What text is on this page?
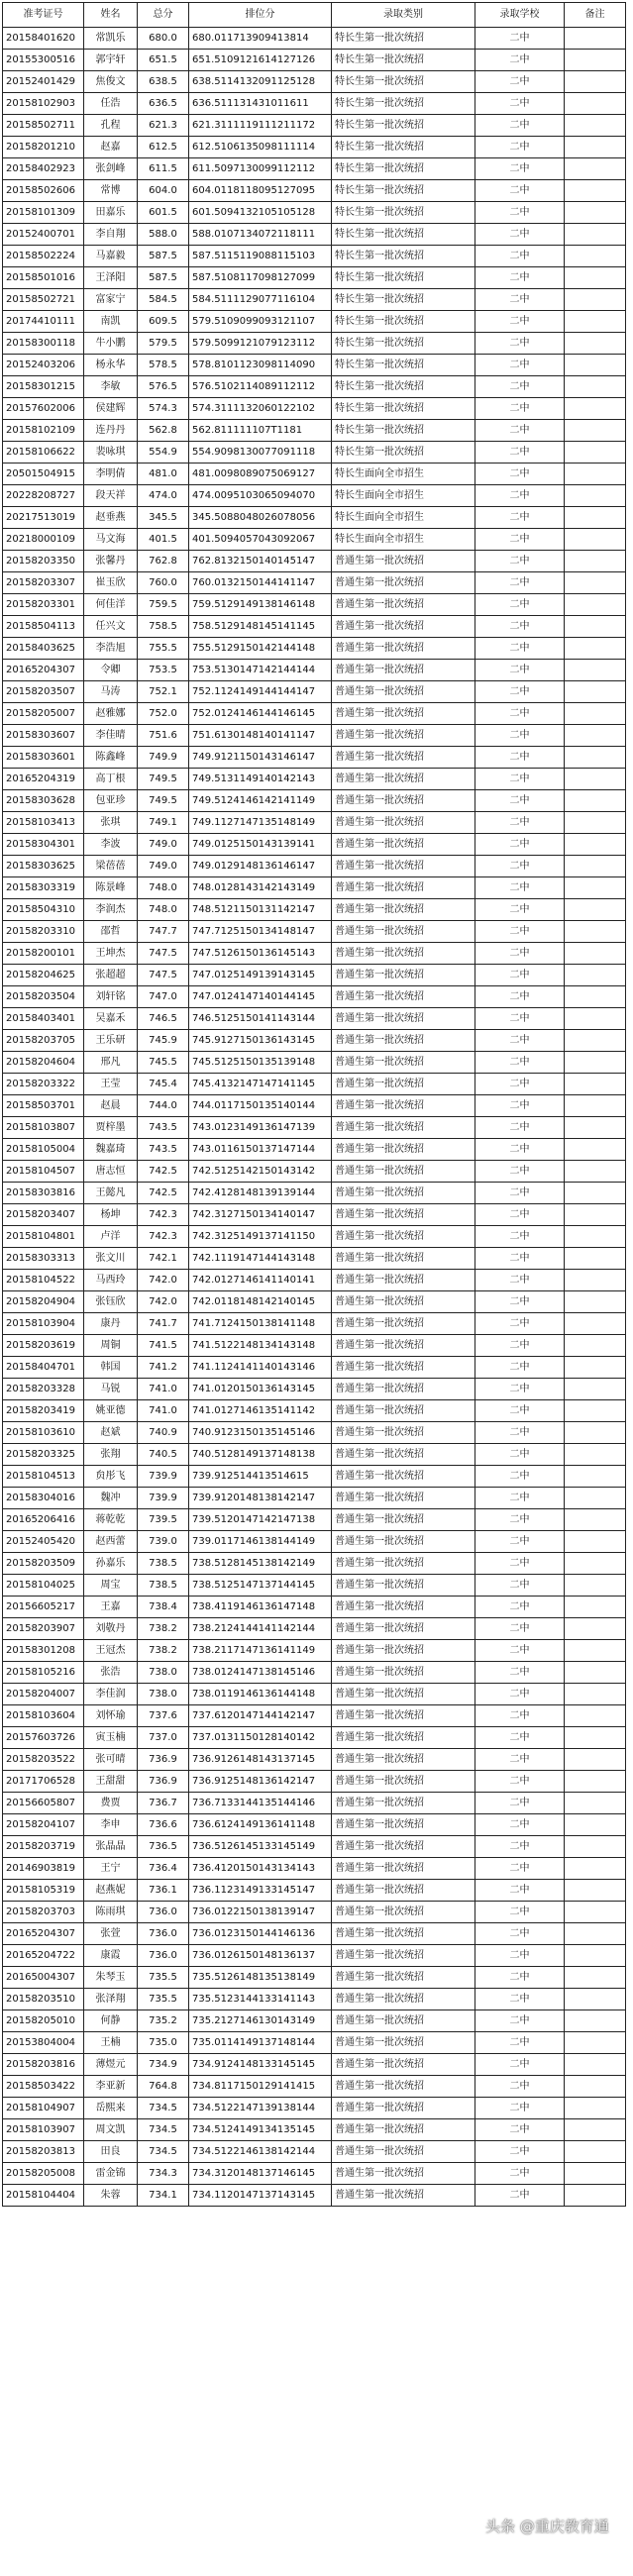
准考证号	姓名	总分	排位分	录取类别	录取学校	备注
20158401620	常凯乐	680.0	680.011713909413814	特长生第一批次统招	二中	
20155300516	郭宇轩	651.5	651.5109121614127126	特长生第一批次统招	二中	
20152401429	焦俊文	638.5	638.5114132091125128	特长生第一批次统招	二中	
20158102903	任浩	636.5	636.511131431011611	特长生第一批次统招	二中	
20158502711	孔程	621.3	621.3111119111211172	特长生第一批次统招	二中	
20158201210	赵嘉	612.5	612.5106135098111114	特长生第一批次统招	二中	
20158402923	张剑峰	611.5	611.5097130099112112	特长生第一批次统招	二中	
20158502606	常博	604.0	604.0118118095127095	特长生第一批次统招	二中	
20158101309	田嘉乐	601.5	601.5094132105105128	特长生第一批次统招	二中	
20152400701	李自翔	588.0	588.0107134072118111	特长生第一批次统招	二中	
20158502224	马嘉毅	587.5	587.5115119088115103	特长生第一批次统招	二中	
20158501016	王泽阳	587.5	587.5108117098127099	特长生第一批次统招	二中	
20158502721	富家宁	584.5	584.5111129077116104	特长生第一批次统招	二中	
20174410111	南凯	609.5	579.5109099093121107	特长生第一批次统招	二中	
20158300118	牛小鹏	579.5	579.5099121079123112	特长生第一批次统招	二中	
20152403206	杨永华	578.5	578.8101123098114090	特长生第一批次统招	二中	
20158301215	李敏	576.5	576.5102114089112112	特长生第一批次统招	二中	
20157602006	侯建辉	574.3	574.3111132060122102	特长生第一批次统招	二中	
20158102109	连丹丹	562.8	562.811111107T1181	特长生第一批次统招	二中	
20158106622	裴咏琪	554.9	554.9098130077091118	特长生第一批次统招	二中	
20501504915	李明倩	481.0	481.0098089075069127	特长生面向全市招生	二中	
20228208727	段天祥	474.0	474.0095103065094070	特长生面向全市招生	二中	
20217513019	赵垂燕	345.5	345.5088048026078056	特长生面向全市招生	二中	
20218000109	马文海	401.5	401.5094057043092067	特长生面向全市招生	二中	
20158203350	张馨丹	762.8	762.8132150140145147	普通生第一批次统招	二中	
20158203307	崔玉欣	760.0	760.0132150144141147	普通生第一批次统招	二中	
20158203301	何佳洋	759.5	759.5129149138146148	普通生第一批次统招	二中	
20158504113	任兴文	758.5	758.5129148145141145	普通生第一批次统招	二中	
20158403625	李浩旭	755.5	755.5129150142144148	普通生第一批次统招	二中	
20165204307	令卿	753.5	753.5130147142144144	普通生第一批次统招	二中	
20158203507	马涛	752.1	752.1124149144144147	普通生第一批次统招	二中	
20158205007	赵雅娜	752.0	752.0124146144146145	普通生第一批次统招	二中	
20158303607	李佳晴	751.6	751.6130148140141147	普通生第一批次统招	二中	
20158303601	陈鑫峰	749.9	749.9121150143146147	普通生第一批次统招	二中	
20165204319	高丁根	749.5	749.5131149140142143	普通生第一批次统招	二中	
20158303628	包亚珍	749.5	749.5124146142141149	普通生第一批次统招	二中	
20158103413	张琪	749.1	749.1127147135148149	普通生第一批次统招	二中	
20158304301	李波	749.0	749.0125150143139141	普通生第一批次统招	二中	
20158303625	梁蓓蓓	749.0	749.0129148136146147	普通生第一批次统招	二中	
20158303319	陈景峰	748.0	748.0128143142143149	普通生第一批次统招	二中	
20158504310	李润杰	748.0	748.5121150131142147	普通生第一批次统招	二中	
20158203310	邵哲	747.7	747.7125150134148147	普通生第一批次统招	二中	
20158200101	王坤杰	747.5	747.5126150136145143	普通生第一批次统招	二中	
20158204625	张超超	747.5	747.0125149139143145	普通生第一批次统招	二中	
20158203504	刘轩铭	747.0	747.0124147140144145	普通生第一批次统招	二中	
20158403401	吴嘉禾	746.5	746.5125150141143144	普通生第一批次统招	二中	
20158203705	王乐研	745.9	745.9127150136143145	普通生第一批次统招	二中	
20158204604	邢凡	745.5	745.5125150135139148	普通生第一批次统招	二中	
20158203322	王莹	745.4	745.4132147147141145	普通生第一批次统招	二中	
20158503701	赵晨	744.0	744.0117150135140144	普通生第一批次统招	二中	
20158103807	贾梓墨	743.5	743.0123149136147139	普通生第一批次统招	二中	
20158105004	魏嘉琦	743.5	743.0116150137147144	普通生第一批次统招	二中	
20158104507	唐志恒	742.5	742.5125142150143142	普通生第一批次统招	二中	
20158303816	王懿凡	742.5	742.4128148139139144	普通生第一批次统招	二中	
20158203407	杨坤	742.3	742.3127150134140147	普通生第一批次统招	二中	
20158104801	卢洋	742.3	742.3125149137141150	普通生第一批次统招	二中	
20158303313	张文川	742.1	742.1119147144143148	普通生第一批次统招	二中	
20158104522	马西玲	742.0	742.0127146141140141	普通生第一批次统招	二中	
20158204904	张钰欣	742.0	742.0118148142140145	普通生第一批次统招	二中	
20158103904	康丹	741.7	741.7124150138141148	普通生第一批次统招	二中	
20158203619	周铜	741.5	741.5122148134143148	普通生第一批次统招	二中	
20158404701	韩国	741.2	741.1124141140143146	普通生第一批次统招	二中	
20158203328	马锐	741.0	741.0120150136143145	普通生第一批次统招	二中	
20158203419	姚亚德	741.0	741.0127146135141142	普通生第一批次统招	二中	
20158103610	赵斌	740.9	740.9123150135145146	普通生第一批次统招	二中	
20158203325	张翔	740.5	740.5128149137148138	普通生第一批次统招	二中	
20158104513	贠彤飞	739.9	739.912514413514615	普通生第一批次统招	二中	
20158304016	魏冲	739.9	739.9120148138142147	普通生第一批次统招	二中	
20165206416	蒋乾乾	739.5	739.5120147142147138	普通生第一批次统招	二中	
20152405420	赵西蕾	739.0	739.0117146138144149	普通生第一批次统招	二中	
20158203509	孙嘉乐	738.5	738.5128145138142149	普通生第一批次统招	二中	
20158104025	周宝	738.5	738.5125147137144145	普通生第一批次统招	二中	
20156605217	王嘉	738.4	738.4119146136147148	普通生第一批次统招	二中	
20158203907	刘敬丹	738.2	738.2124144141142144	普通生第一批次统招	二中	
20158301208	王冠杰	738.2	738.2117147136141149	普通生第一批次统招	二中	
20158105216	张浩	738.0	738.0124147138145146	普通生第一批次统招	二中	
20158204007	李佳润	738.0	738.0119146136144148	普通生第一批次统招	二中	
20158103604	刘怀瑜	737.6	737.6120147144142147	普通生第一批次统招	二中	
20157603726	寅玉楠	737.0	737.0131150128140142	普通生第一批次统招	二中	
20158203522	张可晴	736.9	736.9126148143137145	普通生第一批次统招	二中	
20171706528	王甜甜	736.9	736.9125148136142147	普通生第一批次统招	二中	
20156605807	费贾	736.7	736.7133144135144146	普通生第一批次统招	二中	
20158204107	李申	736.6	736.6124149136141148	普通生第一批次统招	二中	
20158203719	张晶晶	736.5	736.5126145133145149	普通生第一批次统招	二中	
20146903819	王宁	736.4	736.4120150143134143	普通生第一批次统招	二中	
20158105319	赵燕妮	736.1	736.1123149133145147	普通生第一批次统招	二中	
20158203703	陈雨琪	736.0	736.0122150138139147	普通生第一批次统招	二中	
20165204307	张萱	736.0	736.0123150144146136	普通生第一批次统招	二中	
20165204722	康霞	736.0	736.0126150148136137	普通生第一批次统招	二中	
20165004307	朱琴玉	735.5	735.5126148135138149	普通生第一批次统招	二中	
20158203510	张泽翔	735.5	735.5123144133141143	普通生第一批次统招	二中	
20158205010	何静	735.2	735.2127146130143149	普通生第一批次统招	二中	
20153804004	王楠	735.0	735.0114149137148144	普通生第一批次统招	二中	
20158203816	薄煜元	734.9	734.9124148133145145	普通生第一批次统招	二中	
20158503422	李亚新	764.8	734.8117150129141415	普通生第一批次统招	二中	
20158104907	岳熙来	734.5	734.5122147139138144	普通生第一批次统招	二中	
20158103907	周文凯	734.5	734.5124149134135145	普通生第一批次统招	二中	
20158203813	田良	734.5	734.5122146138142144	普通生第一批次统招	二中	
20158205008	雷金锦	734.3	734.3120148137146145	普通生第一批次统招	二中	
20158104404	朱蓉	734.1	734.1120147137143145	普通生第一批次统招	二中	
头条 @重庆教育通
